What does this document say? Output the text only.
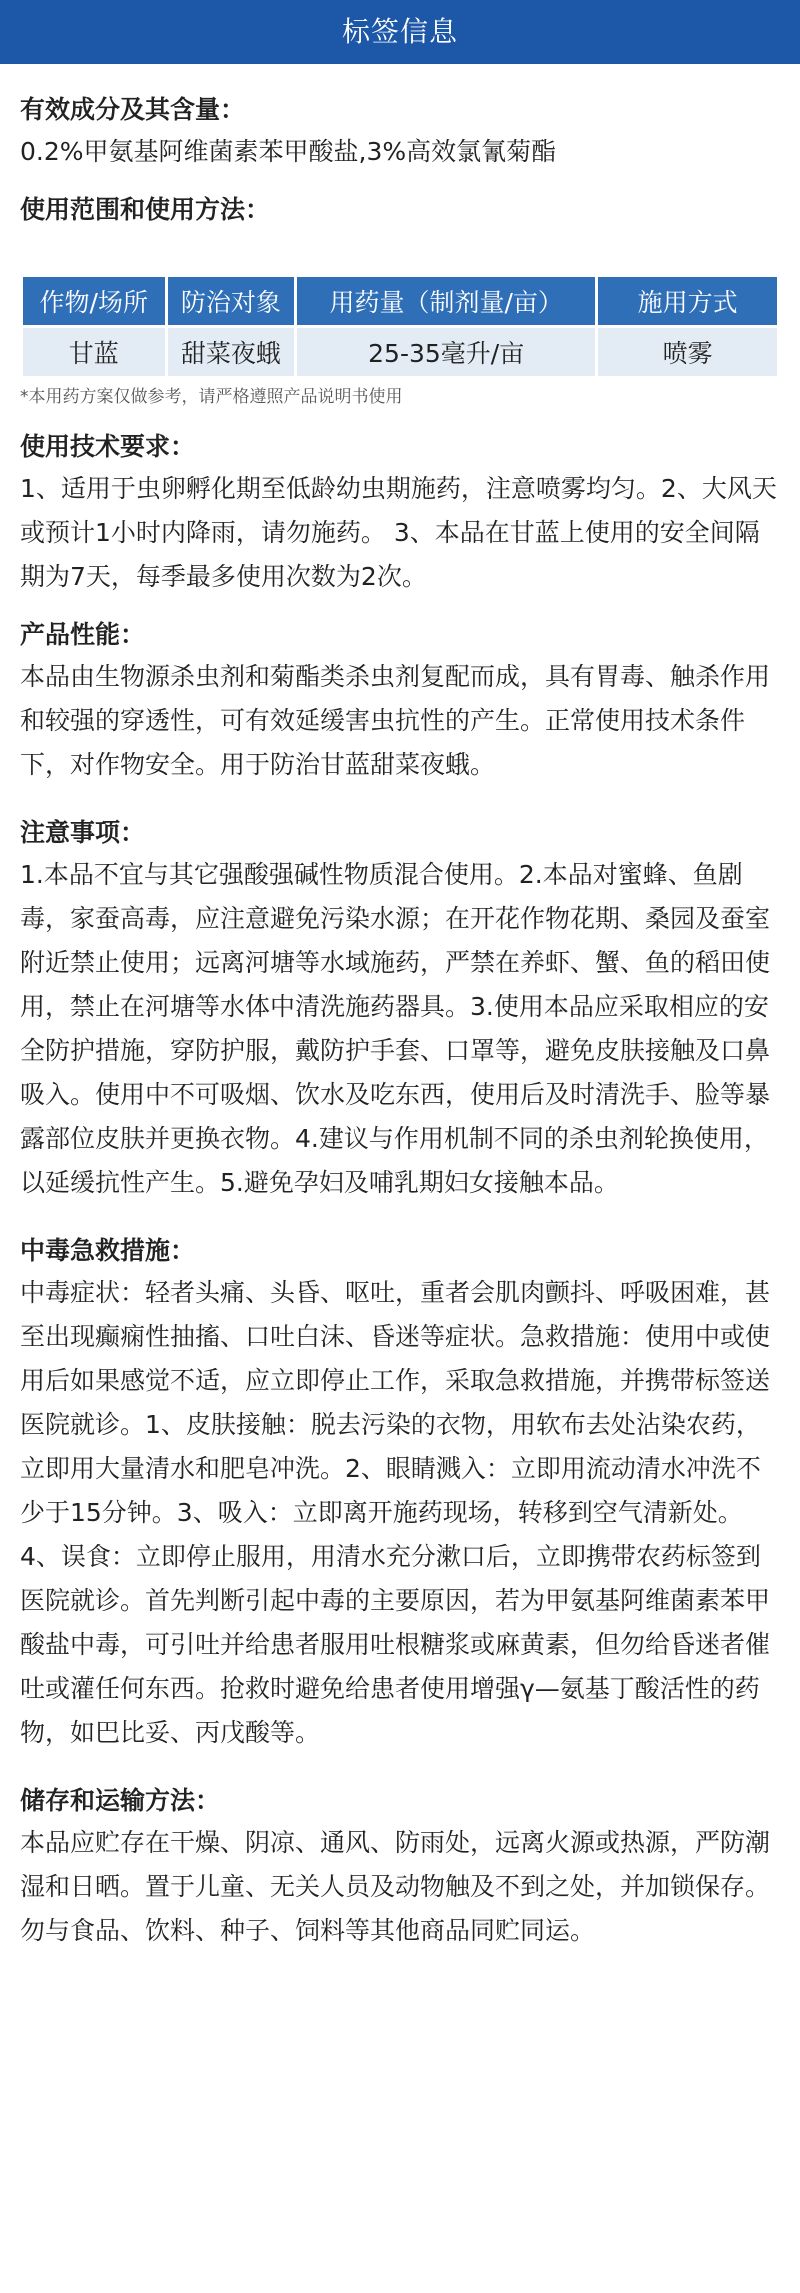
标签信息

有效成分及其含量：

0.2%甲氨基阿维菌素苯甲酸盐,3%高效氯氰菊酯

使用范围和使用方法：

作物/场所	防治对象	用药量（制剂量/亩）	施用方式
甘蓝	甜菜夜蛾	25-35毫升/亩	喷雾

*本用药方案仅做参考，请严格遵照产品说明书使用

使用技术要求：

1、适用于虫卵孵化期至低龄幼虫期施药，注意喷雾均匀。2、大风天或预计1小时内降雨，请勿施药。 3、本品在甘蓝上使用的安全间隔期为7天，每季最多使用次数为2次。

产品性能：

本品由生物源杀虫剂和菊酯类杀虫剂复配而成，具有胃毒、触杀作用和较强的穿透性，可有效延缓害虫抗性的产生。正常使用技术条件下，对作物安全。用于防治甘蓝甜菜夜蛾。

注意事项：

1.本品不宜与其它强酸强碱性物质混合使用。2.本品对蜜蜂、鱼剧毒，家蚕高毒，应注意避免污染水源；在开花作物花期、桑园及蚕室附近禁止使用；远离河塘等水域施药，严禁在养虾、蟹、鱼的稻田使用，禁止在河塘等水体中清洗施药器具。3.使用本品应采取相应的安全防护措施，穿防护服，戴防护手套、口罩等，避免皮肤接触及口鼻吸入。使用中不可吸烟、饮水及吃东西，使用后及时清洗手、脸等暴露部位皮肤并更换衣物。4.建议与作用机制不同的杀虫剂轮换使用，以延缓抗性产生。5.避免孕妇及哺乳期妇女接触本品。

中毒急救措施：

中毒症状：轻者头痛、头昏、呕吐，重者会肌肉颤抖、呼吸困难，甚至出现癫痫性抽搐、口吐白沫、昏迷等症状。急救措施：使用中或使用后如果感觉不适，应立即停止工作，采取急救措施，并携带标签送医院就诊。1、皮肤接触：脱去污染的衣物，用软布去处沾染农药，立即用大量清水和肥皂冲洗。2、眼睛溅入：立即用流动清水冲洗不少于15分钟。3、吸入：立即离开施药现场，转移到空气清新处。4、误食：立即停止服用，用清水充分漱口后，立即携带农药标签到医院就诊。首先判断引起中毒的主要原因，若为甲氨基阿维菌素苯甲酸盐中毒，可引吐并给患者服用吐根糖浆或麻黄素，但勿给昏迷者催吐或灌任何东西。抢救时避免给患者使用增强γ—氨基丁酸活性的药物，如巴比妥、丙戊酸等。

储存和运输方法：

本品应贮存在干燥、阴凉、通风、防雨处，远离火源或热源，严防潮湿和日晒。置于儿童、无关人员及动物触及不到之处，并加锁保存。勿与食品、饮料、种子、饲料等其他商品同贮同运。
